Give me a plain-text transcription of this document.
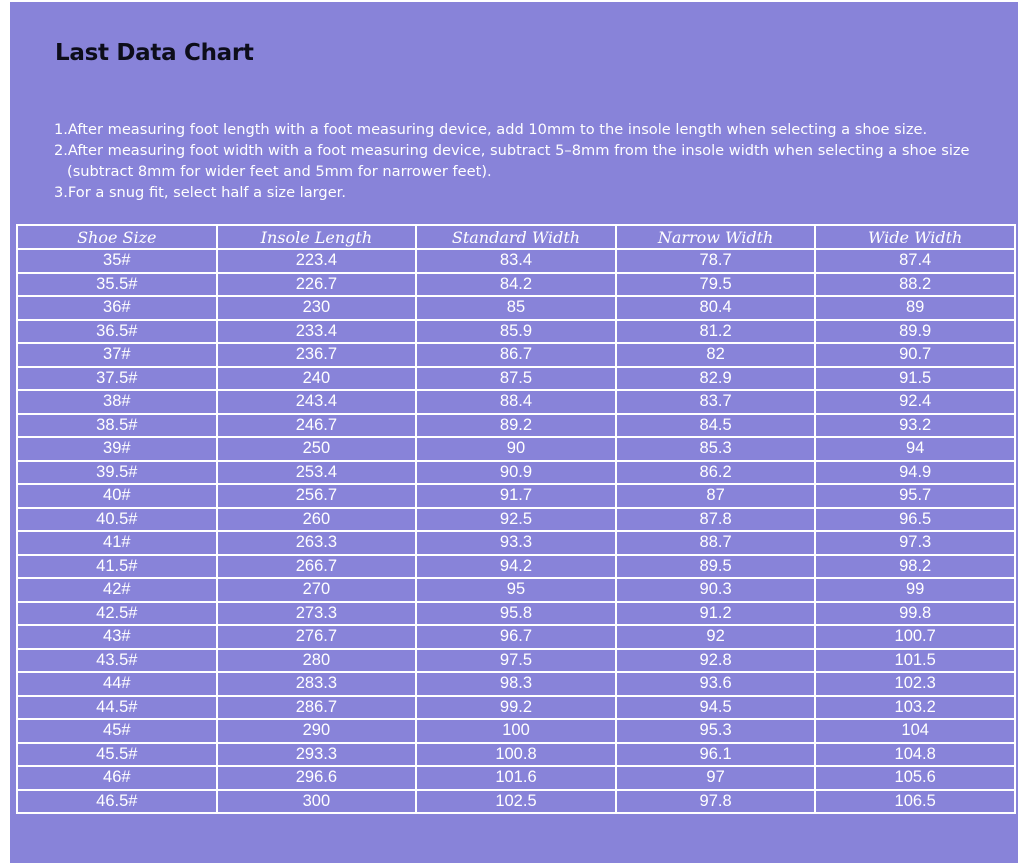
Last Data Chart

1.After measuring foot length with a foot measuring device, add 10mm to the insole length when selecting a shoe size.

2.After measuring foot width with a foot measuring device, subtract 5–8mm from the insole width when selecting a shoe size (subtract 8mm for wider feet and 5mm for narrower feet).

3.For a snug fit, select half a size larger.

Shoe Size	Insole Length	Standard Width	Narrow Width	Wide Width
35#	223.4	83.4	78.7	87.4
35.5#	226.7	84.2	79.5	88.2
36#	230	85	80.4	89
36.5#	233.4	85.9	81.2	89.9
37#	236.7	86.7	82	90.7
37.5#	240	87.5	82.9	91.5
38#	243.4	88.4	83.7	92.4
38.5#	246.7	89.2	84.5	93.2
39#	250	90	85.3	94
39.5#	253.4	90.9	86.2	94.9
40#	256.7	91.7	87	95.7
40.5#	260	92.5	87.8	96.5
41#	263.3	93.3	88.7	97.3
41.5#	266.7	94.2	89.5	98.2
42#	270	95	90.3	99
42.5#	273.3	95.8	91.2	99.8
43#	276.7	96.7	92	100.7
43.5#	280	97.5	92.8	101.5
44#	283.3	98.3	93.6	102.3
44.5#	286.7	99.2	94.5	103.2
45#	290	100	95.3	104
45.5#	293.3	100.8	96.1	104.8
46#	296.6	101.6	97	105.6
46.5#	300	102.5	97.8	106.5
